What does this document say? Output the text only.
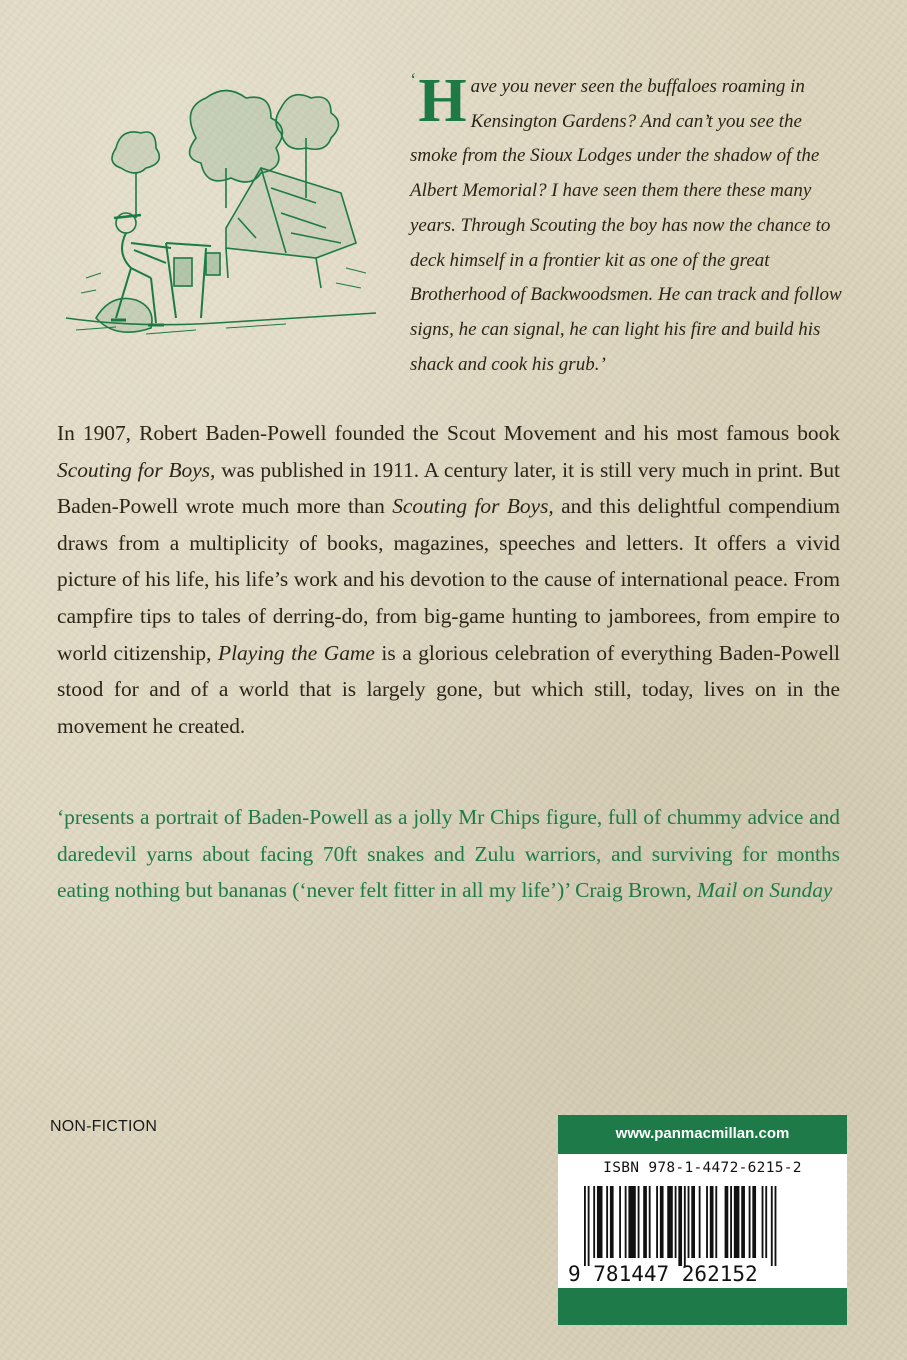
‘ H ave you never seen the buffaloes roaming in Kensington Gardens? And can’t you see the smoke from the Sioux Lodges under the shadow of the Albert Memorial? I have seen them there these many years. Through Scouting the boy has now the chance to deck himself in a frontier kit as one of the great Brotherhood of Backwoodsmen. He can track and follow signs, he can signal, he can light his fire and build his shack and cook his grub.’

In 1907, Robert Baden-Powell founded the Scout Movement and his most famous book Scouting for Boys, was published in 1911. A century later, it is still very much in print. But Baden-Powell wrote much more than Scouting for Boys, and this delightful compendium draws from a multiplicity of books, magazines, speeches and letters. It offers a vivid picture of his life, his life’s work and his devotion to the cause of international peace. From campfire tips to tales of derring-do, from big-game hunting to jamborees, from empire to world citizenship, Playing the Game is a glorious celebration of everything Baden-Powell stood for and of a world that is largely gone, but which still, today, lives on in the movement he created.

‘presents a portrait of Baden-Powell as a jolly Mr Chips figure, full of chummy advice and daredevil yarns about facing 70ft snakes and Zulu warriors, and surviving for months eating nothing but bananas (‘never felt fitter in all my life’)’ Craig Brown, Mail on Sunday

NON-FICTION	www.panmacmillan.com
ISBN 978-1-4472-6215-2
9 781447 262152
